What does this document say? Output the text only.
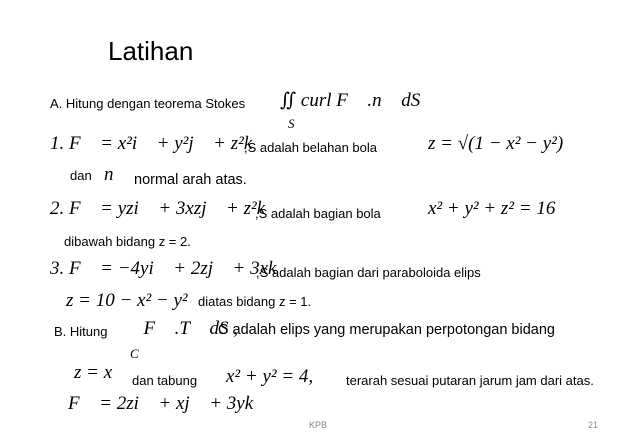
Latihan
A. Hitung dengan teorema Stokes ∬ curl F⃗ .n⃗ dS
S
1. F⃗ = x²i⃗ + y²j⃗ + z²k⃗
,S adalah belahan bola	z = √(1 − x² − y²)
dan n⃗ normal arah atas.
2. F⃗ = yzi⃗ + 3xzj⃗ + z²k⃗
,S adalah bagian bola x² + y² + z² = 16
dibawah bidang z = 2.
3. F⃗ = −4yi⃗ + 2zj⃗ + 3xk⃗
,S adalah bagian dari paraboloida elips
z = 10 − x² − y² diatas bidang z = 1.
B. Hitung ∮ F⃗ .T⃗ dS ,
C
C adalah elips yang merupakan perpotongan bidang
z = x dan tabung x² + y² = 4,	terarah sesuai putaran jarum jam dari atas.
F⃗ = 2zi⃗ + xj⃗ + 3yk⃗
KPB	21
